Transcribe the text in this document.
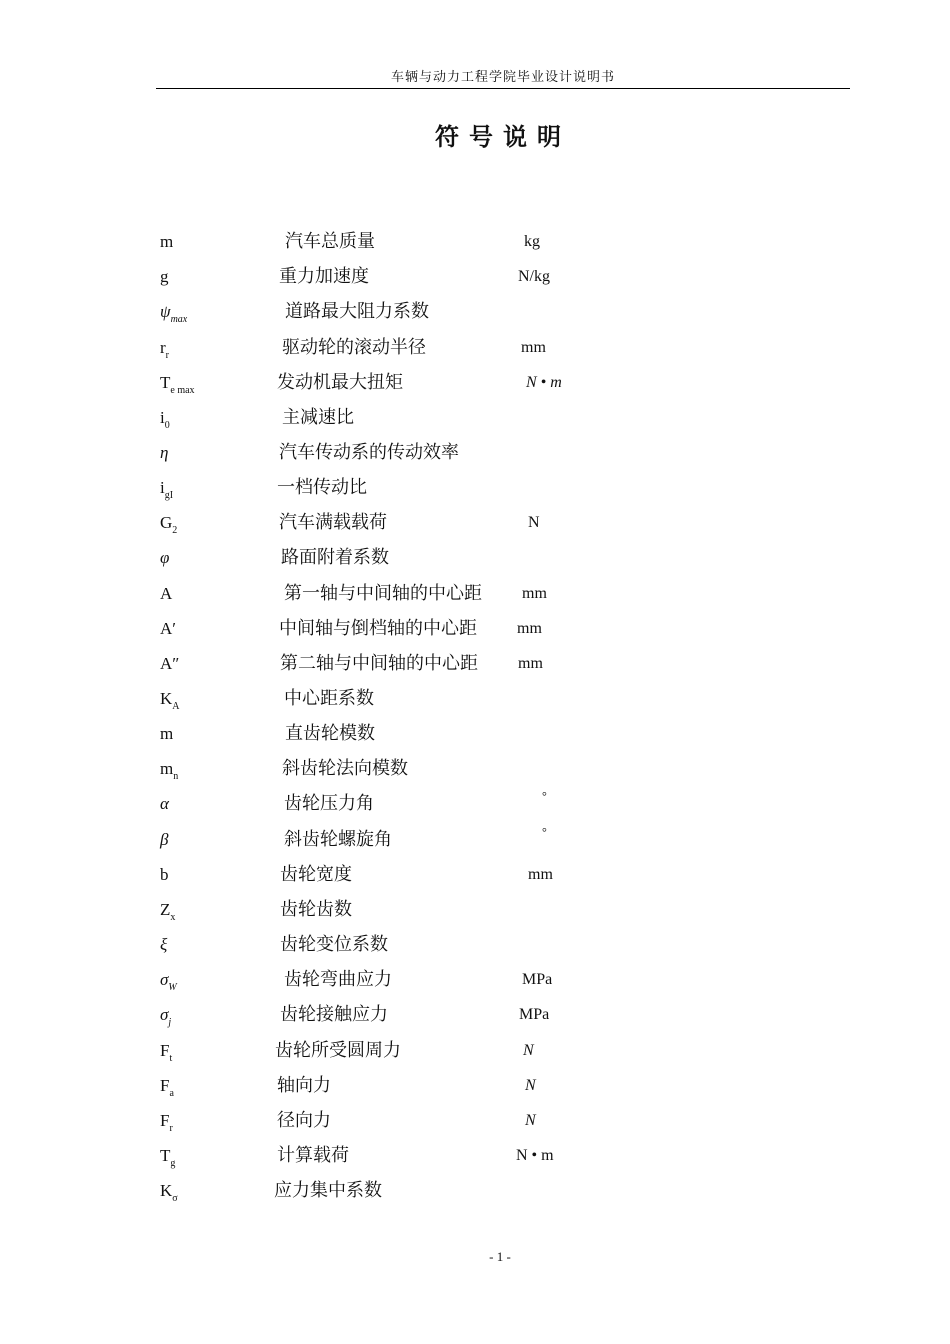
车辆与动力工程学院毕业设计说明书
符号说明
m	汽车总质量	kg
g	重力加速度	N/kg
$\psi_{max}$	道路最大阻力系数
$r_r$	驱动轮的滚动半径	mm
$T_{e max}$	发动机最大扭矩	N • m
$i_0$	主减速比
η	汽车传动系的传动效率
$i_{gI}$	一档传动比
$G_2$	汽车满载载荷	N
φ	路面附着系数
A	第一轴与中间轴的中心距	mm
A′	中间轴与倒档轴的中心距	mm
A″	第二轴与中间轴的中心距	mm
$K_A$	中心距系数
m	直齿轮模数
$m_n$	斜齿轮法向模数
α	齿轮压力角	°
β	斜齿轮螺旋角	°
b	齿轮宽度	mm
$Z_x$	齿轮齿数
ξ	齿轮变位系数
$\sigma_W$	齿轮弯曲应力	MPa
$\sigma_j$	齿轮接触应力	MPa
$F_t$	齿轮所受圆周力	N
$F_a$	轴向力	N
$F_r$	径向力	N
$T_g$	计算载荷	N • m
$K_\sigma$	应力集中系数
- 1 -
